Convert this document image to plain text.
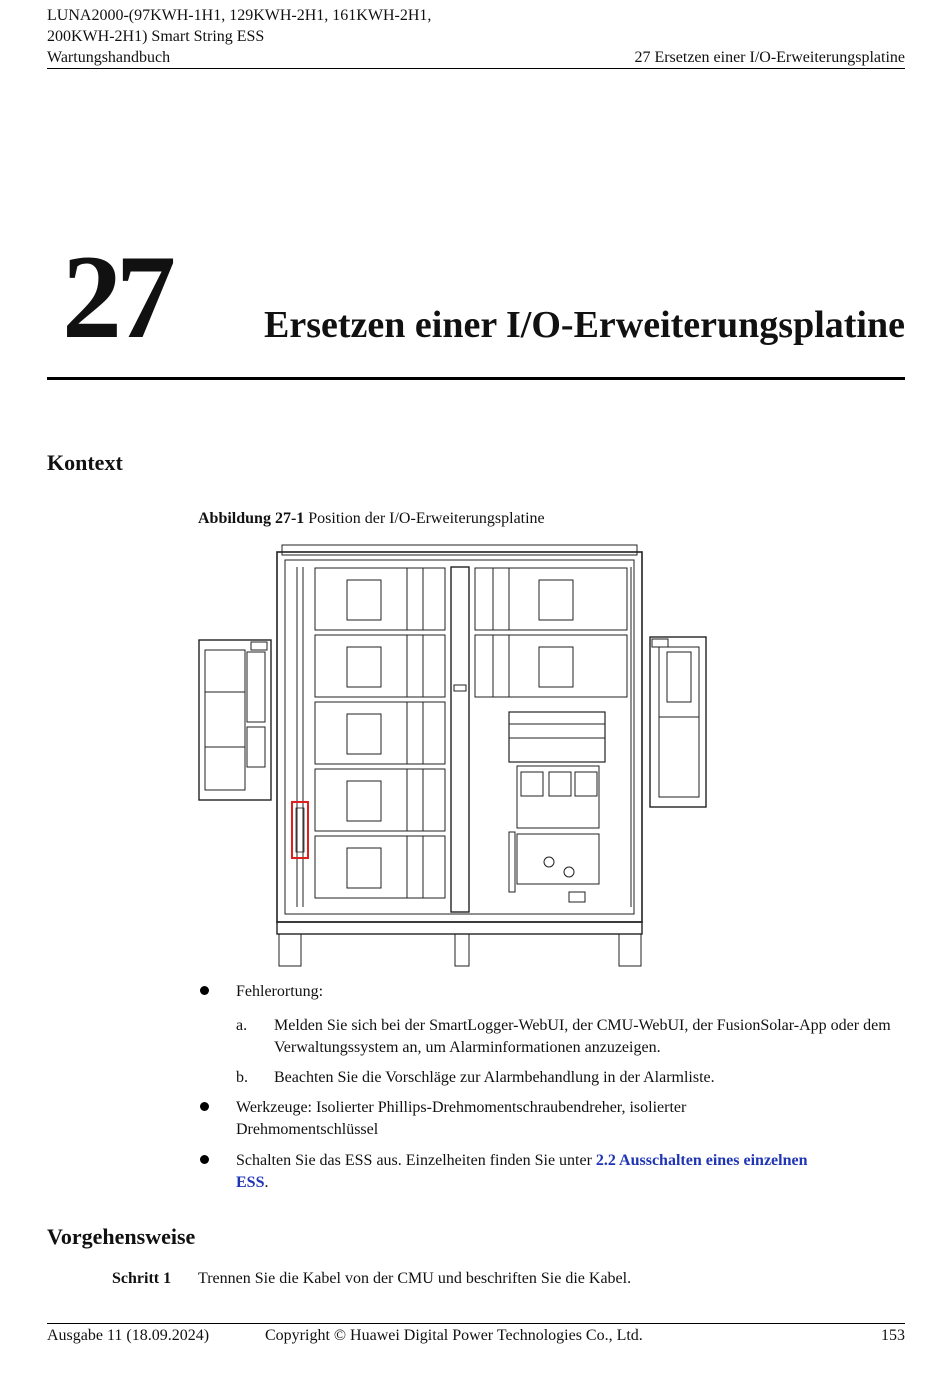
LUNA2000-(97KWH-1H1, 129KWH-2H1, 161KWH-2H1,
200KWH-2H1) Smart String ESS
Wartungshandbuch	27 Ersetzen einer I/O-Erweiterungsplatine
27 Ersetzen einer I/O-Erweiterungsplatine
Kontext
Abbildung 27-1 Position der I/O-Erweiterungsplatine
Fehlerortung:
a. Melden Sie sich bei der SmartLogger-WebUI, der CMU-WebUI, der FusionSolar-App oder dem Verwaltungssystem an, um Alarminformationen anzuzeigen.
b. Beachten Sie die Vorschläge zur Alarmbehandlung in der Alarmliste.
Werkzeuge: Isolierter Phillips-Drehmomentschraubendreher, isolierter Drehmomentschlüssel
Schalten Sie das ESS aus. Einzelheiten finden Sie unter 2.2 Ausschalten eines einzelnen ESS.
Vorgehensweise
Schritt 1 Trennen Sie die Kabel von der CMU und beschriften Sie die Kabel.
Ausgabe 11 (18.09.2024)	Copyright © Huawei Digital Power Technologies Co., Ltd.	153
